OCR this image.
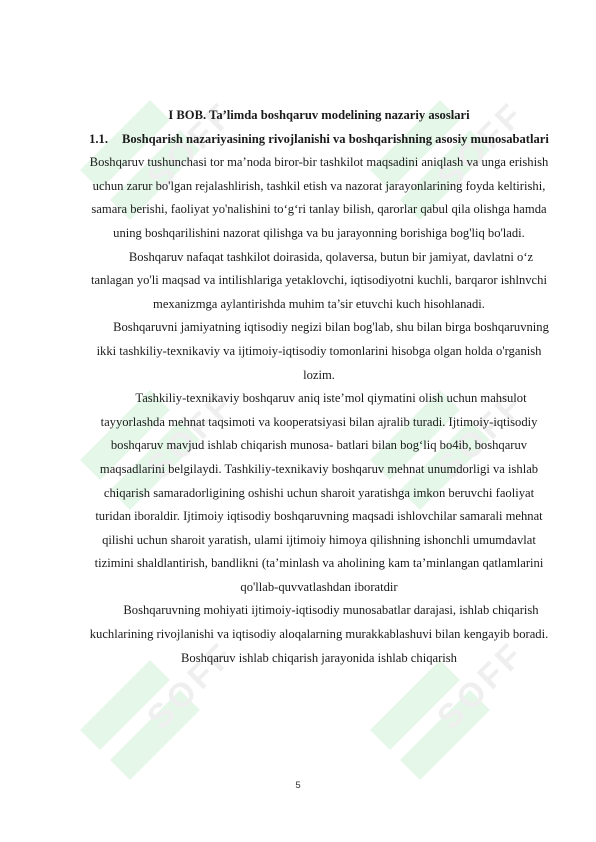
SOFF	SOFF
SOFF	SOFF
SOFF	SOFF

I BOB. Ta’limda boshqaruv modelining nazariy asoslari

1.1. Boshqarish nazariyasining rivojlanishi va boshqarishning asosiy munosabatlari

Boshqaruv tushunchasi tor ma’noda biror-bir tashkilot maqsadini aniqlash va unga erishish uchun zarur bo'lgan rejalashlirish, tashkil etish va nazorat jarayonlarining foyda keltirishi, samara berishi, faoliyat yo'nalishini to‘g‘ri tanlay bilish, qarorlar qabul qila olishga hamda uning boshqarilishini nazorat qilishga va bu jarayonning borishiga bog'liq bo'ladi.

Boshqaruv nafaqat tashkilot doirasida, qolaversa, butun bir jamiyat, davlatni o‘z tanlagan yo'li maqsad va intilishlariga yetaklovchi, iqtisodiyotni kuchli, barqaror ishlnvchi mexanizmga aylantirishda muhim ta’sir etuvchi kuch hisohlanadi.

Boshqaruvni jamiyatning iqtisodiy negizi bilan bog'lab, shu bilan birga boshqaruvning ikki tashkiliy-texnikaviy va ijtimoiy-iqtisodiy tomonlarini hisobga olgan holda o'rganish lozim.

Tashkiliy-texnikaviy boshqaruv aniq iste’mol qiymatini olish uchun mahsulot tayyorlashda mehnat taqsimoti va kooperatsiyasi bilan ajralib turadi. Ijtimoiy-iqtisodiy boshqaruv mavjud ishlab chiqarish munosa- batlari bilan bog‘liq bo4ib, boshqaruv maqsadlarini belgilaydi. Tashkiliy-texnikaviy boshqaruv mehnat unumdorligi va ishlab chiqarish samaradorligining oshishi uchun sharoit yaratishga imkon beruvchi faoliyat turidan iboraldir. Ijtimoiy iqtisodiy boshqaruvning maqsadi ishlovchilar samarali mehnat qilishi uchun sharoit yaratish, ulami ijtimoiy himoya qilishning ishonchli umumdavlat tizimini shaldlantirish, bandlikni (ta’minlash va aholining kam ta’minlangan qatlamlarini qo'llab-quvvatlashdan iboratdir

Boshqaruvning mohiyati ijtimoiy-iqtisodiy munosabatlar darajasi, ishlab chiqarish kuchlarining rivojlanishi va iqtisodiy aloqalarning murakkablashuvi bilan kengayib boradi. Boshqaruv ishlab chiqarish jarayonida ishlab chiqarish

5
